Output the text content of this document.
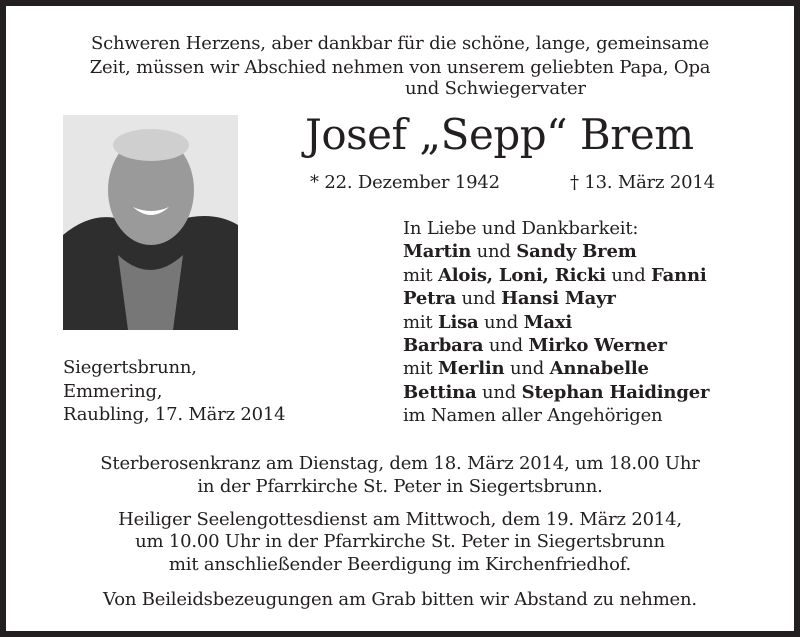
Schweren Herzens, aber dankbar für die schöne, lange, gemeinsame
Zeit, müssen wir Abschied nehmen von unserem geliebten Papa, Opa
und Schwiegervater
Josef „Sepp“ Brem
* 22. Dezember 1942	† 13. März 2014
Siegertsbrunn,
Emmering,
Raubling, 17. März 2014
In Liebe und Dankbarkeit:
Martin und Sandy Brem
mit Alois, Loni, Ricki und Fanni
Petra und Hansi Mayr
mit Lisa und Maxi
Barbara und Mirko Werner
mit Merlin und Annabelle
Bettina und Stephan Haidinger
im Namen aller Angehörigen
Sterberosenkranz am Dienstag, dem 18. März 2014, um 18.00 Uhr
in der Pfarrkirche St. Peter in Siegertsbrunn.
Heiliger Seelengottesdienst am Mittwoch, dem 19. März 2014,
um 10.00 Uhr in der Pfarrkirche St. Peter in Siegertsbrunn
mit anschließender Beerdigung im Kirchenfriedhof.
Von Beileidsbezeugungen am Grab bitten wir Abstand zu nehmen.
